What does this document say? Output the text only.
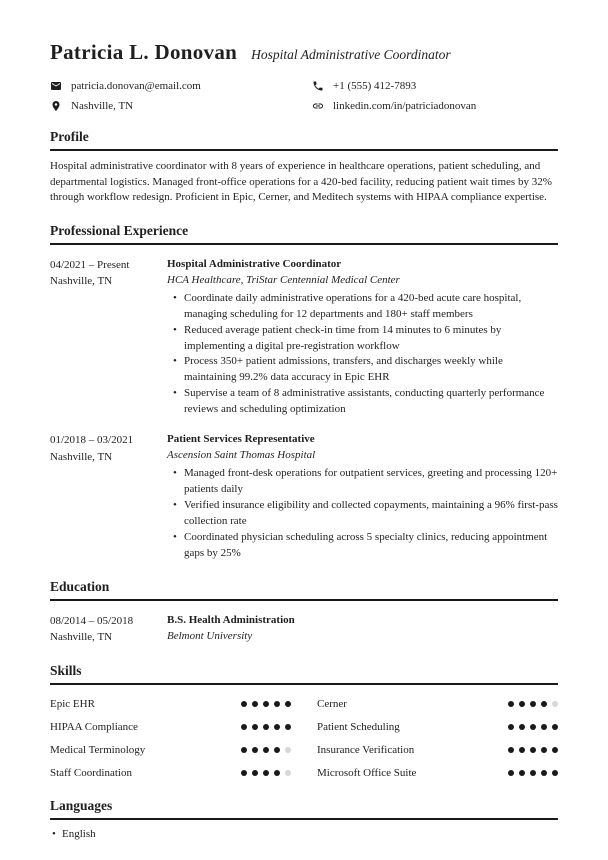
Patricia L. Donovan Hospital Administrative Coordinator
patricia.donovan@email.com	+1 (555) 412-7893
Nashville, TN	linkedin.com/in/patriciadonovan
Profile

Hospital administrative coordinator with 8 years of experience in healthcare operations, patient scheduling, and departmental logistics. Managed front-office operations for a 420-bed facility, reducing patient wait times by 32% through workflow redesign. Proficient in Epic, Cerner, and Meditech systems with HIPAA compliance expertise.

Professional Experience
04/2021 – Present
Nashville, TN
Hospital Administrative Coordinator
HCA Healthcare, TriStar Centennial Medical Center
• Coordinate daily administrative operations for a 420-bed acute care hospital, managing scheduling for 12 departments and 180+ staff members
• Reduced average patient check-in time from 14 minutes to 6 minutes by implementing a digital pre-registration workflow
• Process 350+ patient admissions, transfers, and discharges weekly while maintaining 99.2% data accuracy in Epic EHR
• Supervise a team of 8 administrative assistants, conducting quarterly performance reviews and scheduling optimization
01/2018 – 03/2021
Nashville, TN
Patient Services Representative
Ascension Saint Thomas Hospital
• Managed front-desk operations for outpatient services, greeting and processing 120+ patients daily
• Verified insurance eligibility and collected copayments, maintaining a 96% first-pass collection rate
• Coordinated physician scheduling across 5 specialty clinics, reducing appointment gaps by 25%
Education
08/2014 – 05/2018
Nashville, TN
B.S. Health Administration
Belmont University
Skills
Epic EHR
HIPAA Compliance
Medical Terminology
Staff Coordination
Cerner
Patient Scheduling
Insurance Verification
Microsoft Office Suite
Languages
• English
